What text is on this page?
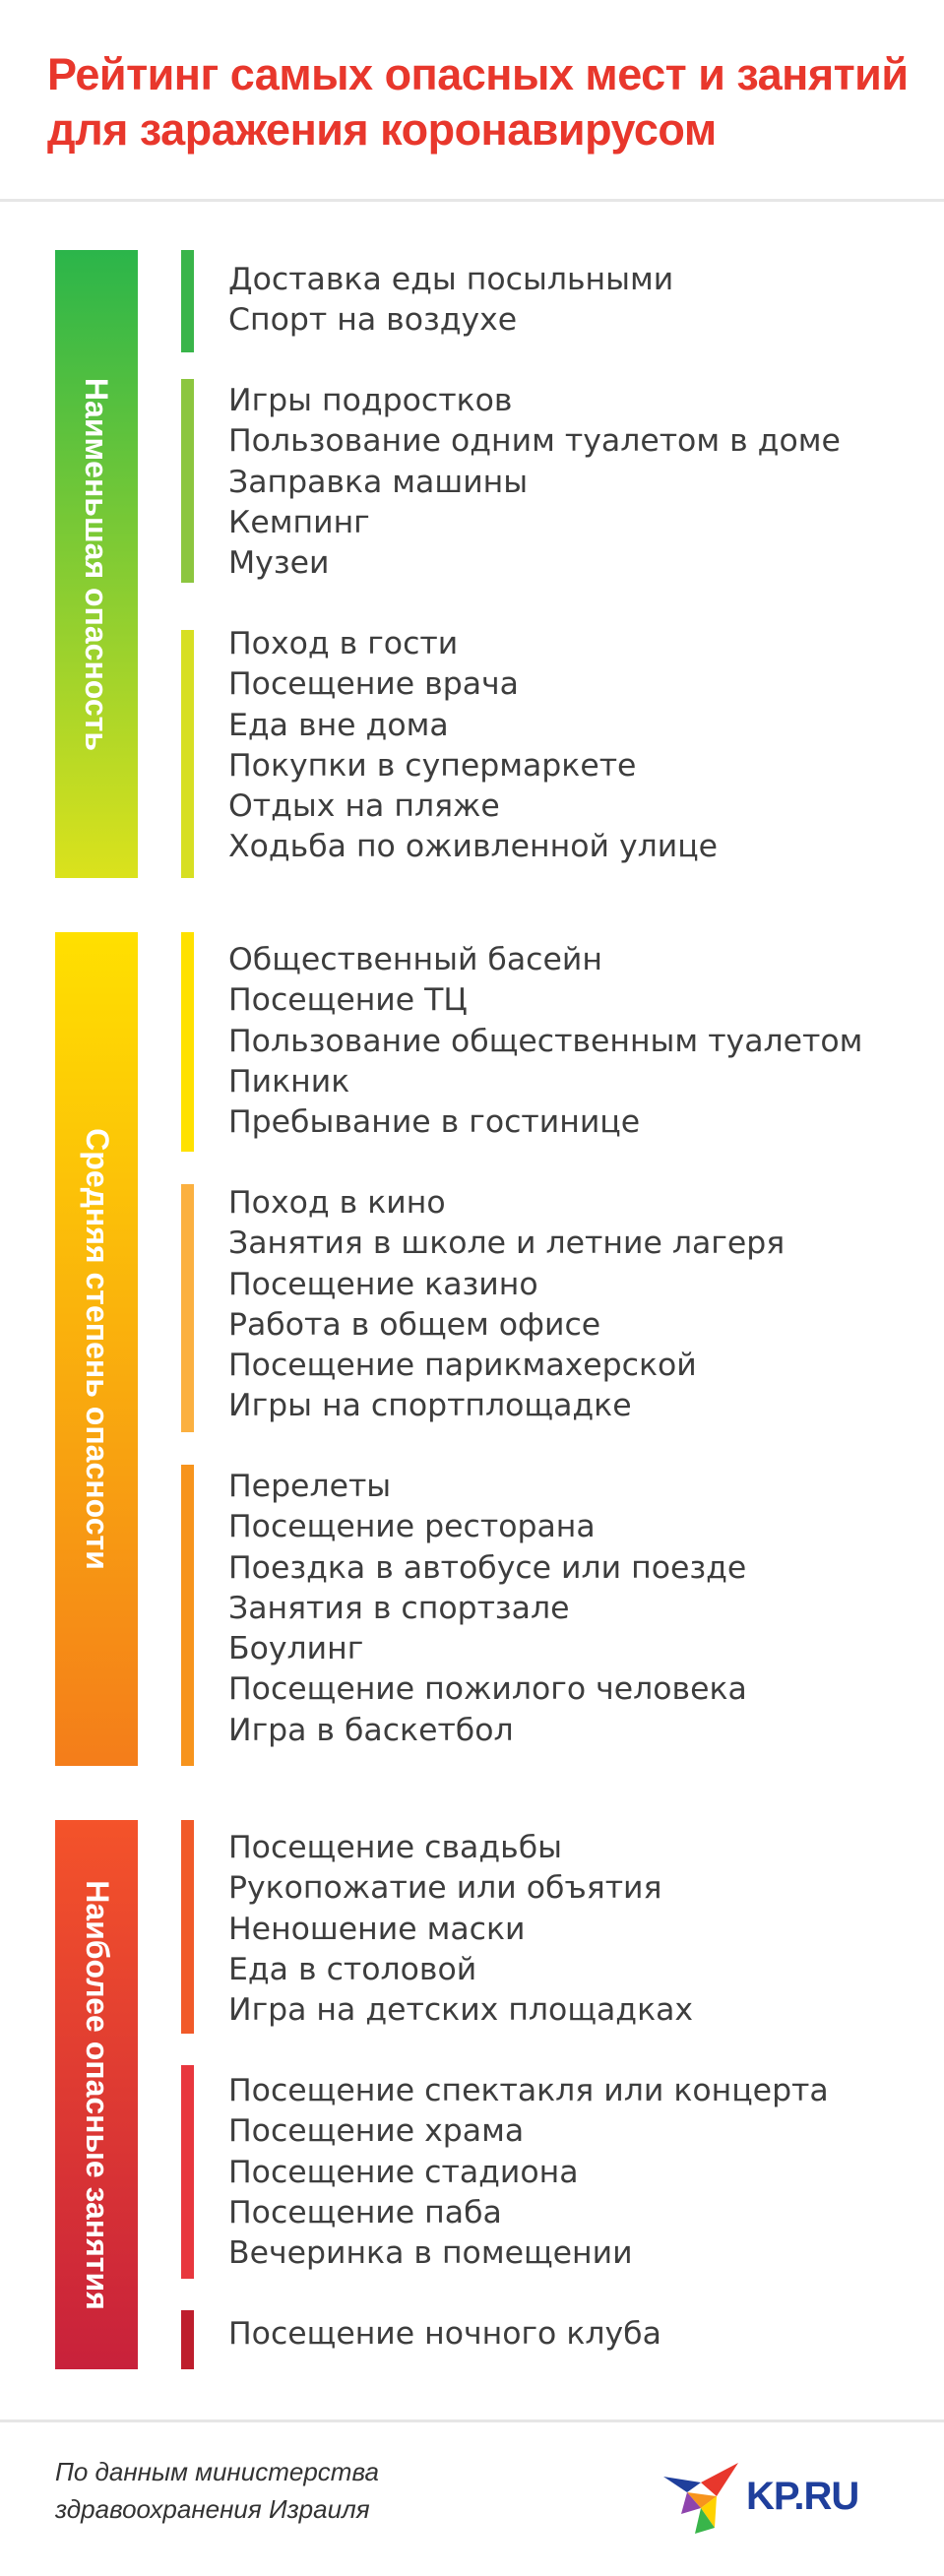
Рейтинг самых опасных мест и занятий для заражения коронавирусом
Наименьшая опасность
Средняя степень опасности
Наиболее опасные занятия
Доставка еды посыльными
Спорт на воздухе
Игры подростков
Пользование одним туалетом в доме
Заправка машины
Кемпинг
Музеи
Поход в гости
Посещение врача
Еда вне дома
Покупки в супермаркете
Отдых на пляже
Ходьба по оживленной улице
Общественный басейн
Посещение ТЦ
Пользование общественным туалетом
Пикник
Пребывание в гостинице
Поход в кино
Занятия в школе и летние лагеря
Посещение казино
Работа в общем офисе
Посещение парикмахерской
Игры на спортплощадке
Перелеты
Посещение ресторана
Поездка в автобусе или поезде
Занятия в спортзале
Боулинг
Посещение пожилого человека
Игра в баскетбол
Посещение свадьбы
Рукопожатие или объятия
Неношение маски
Еда в столовой
Игра на детских площадках
Посещение спектакля или концерта
Посещение храма
Посещение стадиона
Посещение паба
Вечеринка в помещении
Посещение ночного клуба
По данным министерства здравоохранения Израиля	KP.RU
